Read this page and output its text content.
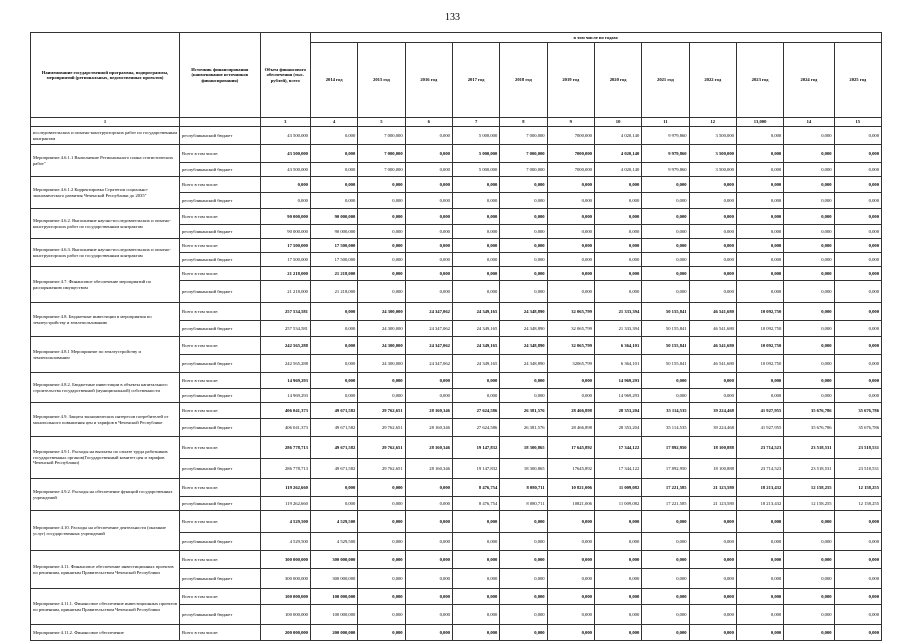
133
Наименование государственной программы, подпрограммы, мероприятий (региональных, ведомственных проектов)	Источник финансирования (наименование источников финансирования)	Объем финансового обеспечения (тыс. рублей), всего	в том числе по годам:											
			2014 год	2015 год	2016 год	2017 год	2018 год	2019 год	2020 год	2021 год	2022 год	2023 год	2024 год	2025 год
1		3	4	5	6	7	8	9	10	11	12	13,000	14	15
исследовательских и опытно-конструкторских работ по государственным контрактам	республиканский бюджет	43 500,000	0,000	7 000,000	0,000	5 000,000	7 000,000	7000,000	4 020,140	9 979,860	3 500,000	0,000	0,000	0,000
Мероприятие 4.6.1.1 Выполнение Регионального плана статистических работ"	Всего в том числе:	43 500,000	0,000	7 000,000	0,000	5 000,000	7 000,000	7000,000	4 020,140	9 979,860	3 500,000	0,000	0,000	0,000
	республиканский бюджет	43 500,000	0,000	7 000,000	0,000	5 000,000	7 000,000	7000,000	4 020,140	9 979,860	3 500,000	0,000	0,000	0,000
Мероприятие 4.6.1.2 Корректировка Стратегии социально-экономического развития Чеченской Республики до 2035"	Всего в том числе:	0,000	0,000	0,000	0,000	0,000	0,000	0,000	0,000	0,000	0,000	0,000	0,000	0,000
	республиканский бюджет	0,000	0,000	0,000	0,000	0,000	0,000	0,000	0,000	0,000	0,000	0,000	0,000	0,000
Мероприятие 4.6.2. Выполнение научно-исследовательских и опытно-конструкторских работ по государственным контрактам	Всего в том числе:	90 000,000	90 000,000	0,000	0,000	0,000	0,000	0,000	0,000	0,000	0,000	0,000	0,000	0,000
	республиканский бюджет	90 000,000	90 000,000	0,000	0,000	0,000	0,000	0,000	0,000	0,000	0,000	0,000	0,000	0,000
Мероприятие 4.6.3. Выполнение научно-исследовательских и опытно-конструкторских работ по государственным контрактам	Всего в том числе:	17 500,000	17 500,000	0,000	0,000	0,000	0,000	0,000	0,000	0,000	0,000	0,000	0,000	0,000
	республиканский бюджет	17 500,000	17 500,000	0,000	0,000	0,000	0,000	0,000	0,000	0,000	0,000	0,000	0,000	0,000
Мероприятие 4.7. Финансовое обеспечение мероприятий по распоряжению имуществом	Всего в том числе:	21 218,000	21 218,000	0,000	0,000	0,000	0,000	0,000	0,000	0,000	0,000	0,000	0,000	0,000
	республиканский бюджет	21 218,000	21 218,000	0,000	0,000	0,000	0,000	0,000	0,000	0,000	0,000	0,000	0,000	0,000
Мероприятие 4.8. Бюджетные инвестиции в мероприятия по землеустройству и землепользованию	Всего в том числе:	257 534,581	0,000	24 300,000	24 347,062	24 349,165	24 348,890	32 065,799	21 333,394	50 155,841	46 541,680	10 092,750	0,000	0,000
	республиканский бюджет	257 534,581	0,000	24 300,000	24 347,062	24 349,165	24 348,890	32 065,799	21 333,394	50 155,841	46 541,680	10 092,750	0,000	0,000
Мероприятие 4.8.1 Мероприятие по землеустройству и землепользованию	Всего в том числе:	242 565,288	0,000	24 300,000	24 347,062	24 349,165	24 348,890	32 065,799	6 364,101	50 155,841	46 541,680	10 092,750	0,000	0,000
	республиканский бюджет	242 565,288	0,000	24 300,000	24 347,062	24 349,165	24 348,890	32065,799	6 364,101	50 155,841	46 541,680	10 092,750	0,000	0,000
Мероприятие 4.8.2. Бюджетные инвестиции в объекты капитального строительства государственной (муниципальной) собственности	Всего в том числе:	14 969,293	0,000	0,000	0,000	0,000	0,000	0,000	14 969,293	0,000	0,000	0,000	0,000	0,000
	республиканский бюджет	14 969,293	0,000	0,000	0,000	0,000	0,000	0,000	14 969,293	0,000	0,000	0,000	0,000	0,000
Мероприятие 4.9. Защита экономических интересов потребителей от монопольного повышения цен и тарифов в Чеченской Республике	Всего в том числе:	406 041,373	49 671,582	29 762,651	28 160,346	27 624,586	26 381,576	28 466,898	28 353,204	35 114,535	39 224,468	41 927,955	35 676,786	35 676,786
	республиканский бюджет	406 041,373	49 671,582	29 762,651	28 160,346	27 624,586	26 381,576	28 466,898	28 353,204	35 114,535	39 224,468	41 927,955	35 676,786	35 676,786
Мероприятие 4.9.1. Расходы на выплаты по оплате труда работников государственных органов(Государственный комитет цен и тарифов Чеченской Республики)	Всего в том числе:	286 778,713	49 671,582	29 762,651	28 160,346	19 147,832	18 300,865	17 645,892	17 344,122	17 892,950	18 100,888	23 714,523	23 518,531	23 518,531
	республиканский бюджет	286 778,713	49 671,582	29 762,651	28 160,346	19 147,832	18 300,865	17645,892	17 344,122	17 892,950	18 100,888	23 714,523	23 518,531	23 518,531
Мероприятие 4.9.2. Расходы на обеспечение функций государственных учреждений	Всего в том числе:	119 262,660	0,000	0,000	0,000	8 476,754	8 080,711	10 821,006	11 009,082	17 221,585	21 123,580	18 213,432	12 158,255	12 158,255
	республиканский бюджет	119 262,660	0,000	0,000	0,000	8 476,754	8 080,711	10821,006	11 009,082	17 221,585	21 123,580	18 213,432	12 158,255	12 158,255
Мероприятие 4.10. Расходы на обеспечение деятельности (оказание услуг) государственных учреждений	Всего в том числе:	4 529,500	4 529,500	0,000	0,000	0,000	0,000	0,000	0,000	0,000	0,000	0,000	0,000	0,000
	республиканский бюджет	4 529,500	4 529,500	0,000	0,000	0,000	0,000	0,000	0,000	0,000	0,000	0,000	0,000	0,000
Мероприятие 4.11. Финансовое обеспечение инвестиционных проектов по решениям, принятым Правительством Чеченской Республики	Всего в том числе:	300 000,000	300 000,000	0,000	0,000	0,000	0,000	0,000	0,000	0,000	0,000	0,000	0,000	0,000
	республиканский бюджет	300 000,000	300 000,000	0,000	0,000	0,000	0,000	0,000	0,000	0,000	0,000	0,000	0,000	0,000
Мероприятие 4.11.1. Финансовое обеспечение инвестиционных проектов по решениям, принятым Правительством Чеченской Республики	Всего в том числе:	100 000,000	100 000,000	0,000	0,000	0,000	0,000	0,000	0,000	0,000	0,000	0,000	0,000	0,000
	республиканский бюджет	100 000,000	100 000,000	0,000	0,000	0,000	0,000	0,000	0,000	0,000	0,000	0,000	0,000	0,000
Мероприятие 4.11.2. Финансовое обеспечение	Всего в том числе:	200 000,000	200 000,000	0,000	0,000	0,000	0,000	0,000	0,000	0,000	0,000	0,000	0,000	0,000
